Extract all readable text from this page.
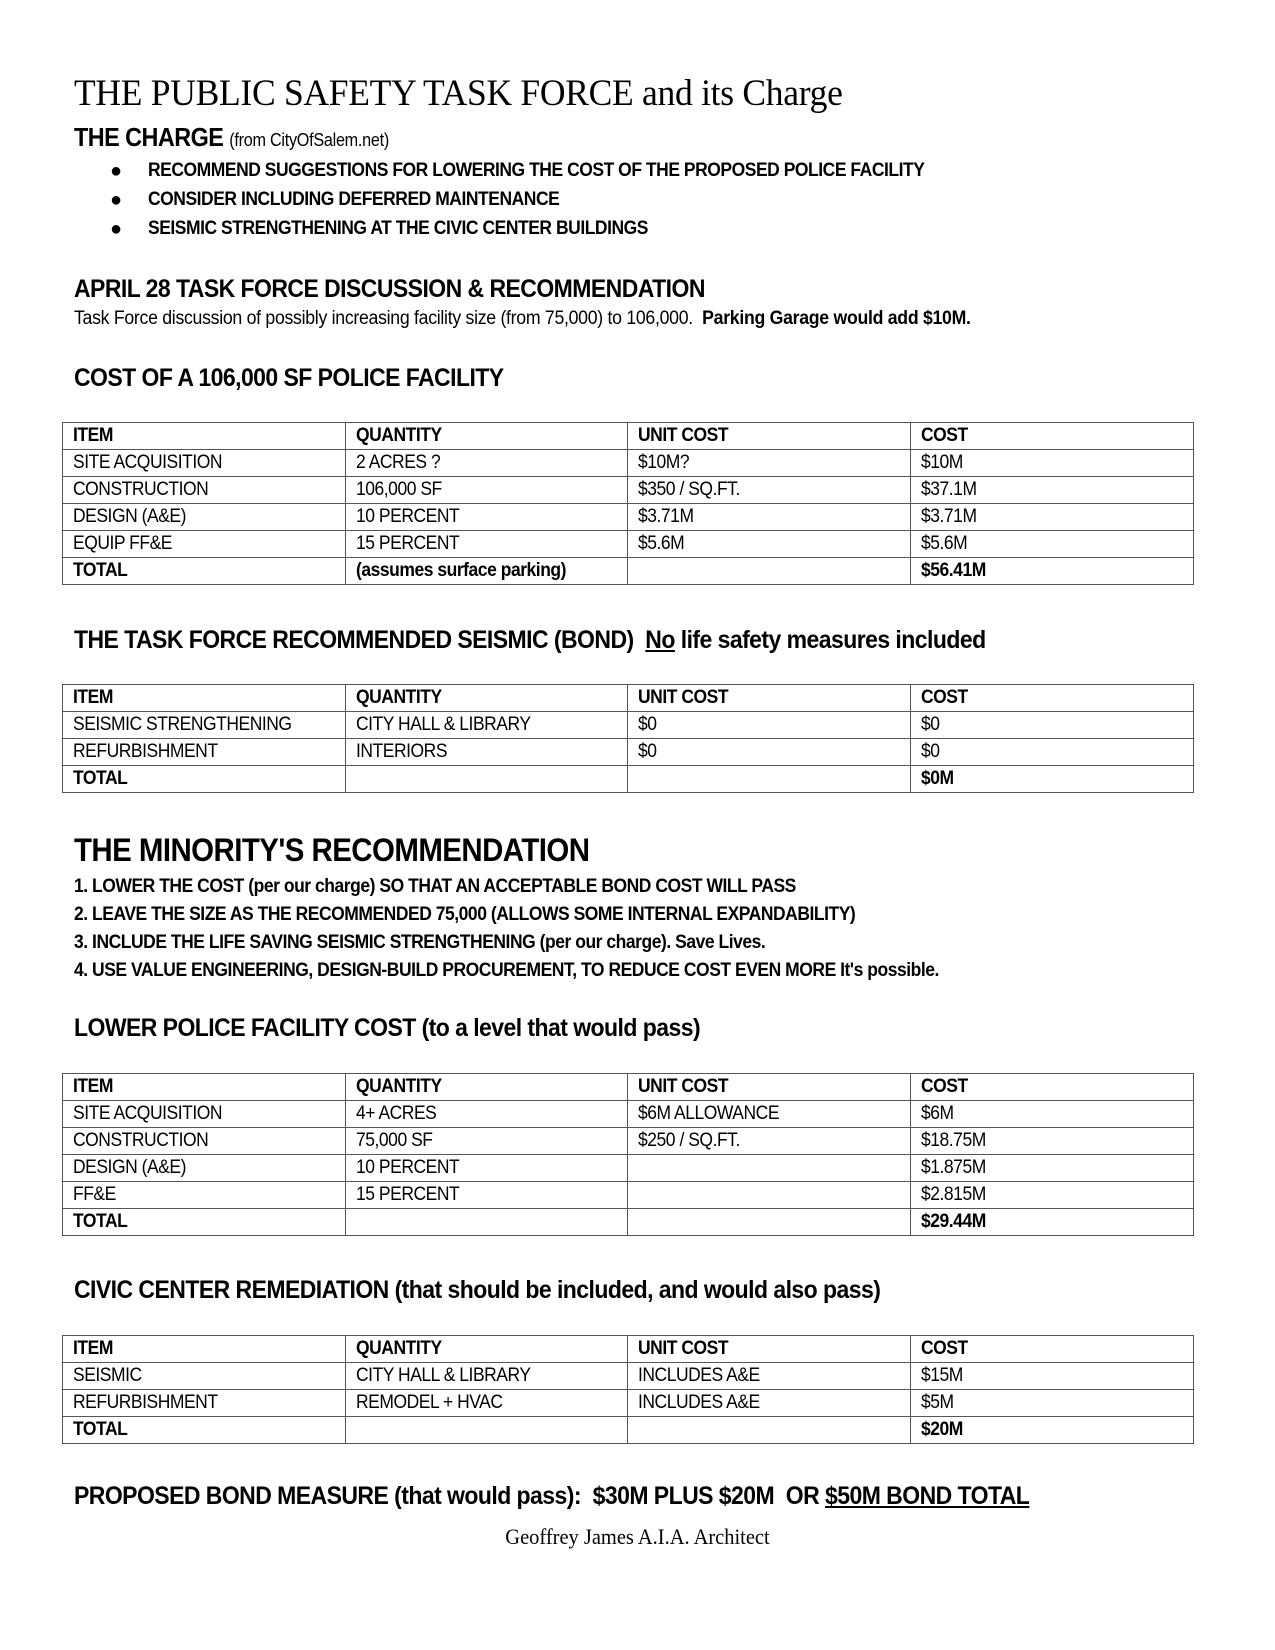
THE PUBLIC SAFETY TASK FORCE and its Charge
THE CHARGE (from CityOfSalem.net)
● RECOMMEND SUGGESTIONS FOR LOWERING THE COST OF THE PROPOSED POLICE FACILITY
● CONSIDER INCLUDING DEFERRED MAINTENANCE
● SEISMIC STRENGTHENING AT THE CIVIC CENTER BUILDINGS
APRIL 28 TASK FORCE DISCUSSION & RECOMMENDATION
Task Force discussion of possibly increasing facility size (from 75,000) to 106,000. Parking Garage would add $10M.
COST OF A 106,000 SF POLICE FACILITY
ITEM	QUANTITY	UNIT COST	COST
SITE ACQUISITION	2 ACRES ?	$10M?	$10M
CONSTRUCTION	106,000 SF	$350 / SQ.FT.	$37.1M
DESIGN (A&E)	10 PERCENT	$3.71M	$3.71M
EQUIP FF&E	15 PERCENT	$5.6M	$5.6M
TOTAL	(assumes surface parking)		$56.41M
THE TASK FORCE RECOMMENDED SEISMIC (BOND) No life safety measures included
ITEM	QUANTITY	UNIT COST	COST
SEISMIC STRENGTHENING	CITY HALL & LIBRARY	$0	$0
REFURBISHMENT	INTERIORS	$0	$0
TOTAL			$0M
THE MINORITY'S RECOMMENDATION
1. LOWER THE COST (per our charge) SO THAT AN ACCEPTABLE BOND COST WILL PASS
2. LEAVE THE SIZE AS THE RECOMMENDED 75,000 (ALLOWS SOME INTERNAL EXPANDABILITY)
3. INCLUDE THE LIFE SAVING SEISMIC STRENGTHENING (per our charge). Save Lives.
4. USE VALUE ENGINEERING, DESIGN-BUILD PROCUREMENT, TO REDUCE COST EVEN MORE It's possible.
LOWER POLICE FACILITY COST (to a level that would pass)
ITEM	QUANTITY	UNIT COST	COST
SITE ACQUISITION	4+ ACRES	$6M ALLOWANCE	$6M
CONSTRUCTION	75,000 SF	$250 / SQ.FT.	$18.75M
DESIGN (A&E)	10 PERCENT		$1.875M
FF&E	15 PERCENT		$2.815M
TOTAL			$29.44M
CIVIC CENTER REMEDIATION (that should be included, and would also pass)
ITEM	QUANTITY	UNIT COST	COST
SEISMIC	CITY HALL & LIBRARY	INCLUDES A&E	$15M
REFURBISHMENT	REMODEL + HVAC	INCLUDES A&E	$5M
TOTAL			$20M
PROPOSED BOND MEASURE (that would pass):  $30M PLUS $20M  OR $50M BOND TOTAL
Geoffrey James A.I.A. Architect
